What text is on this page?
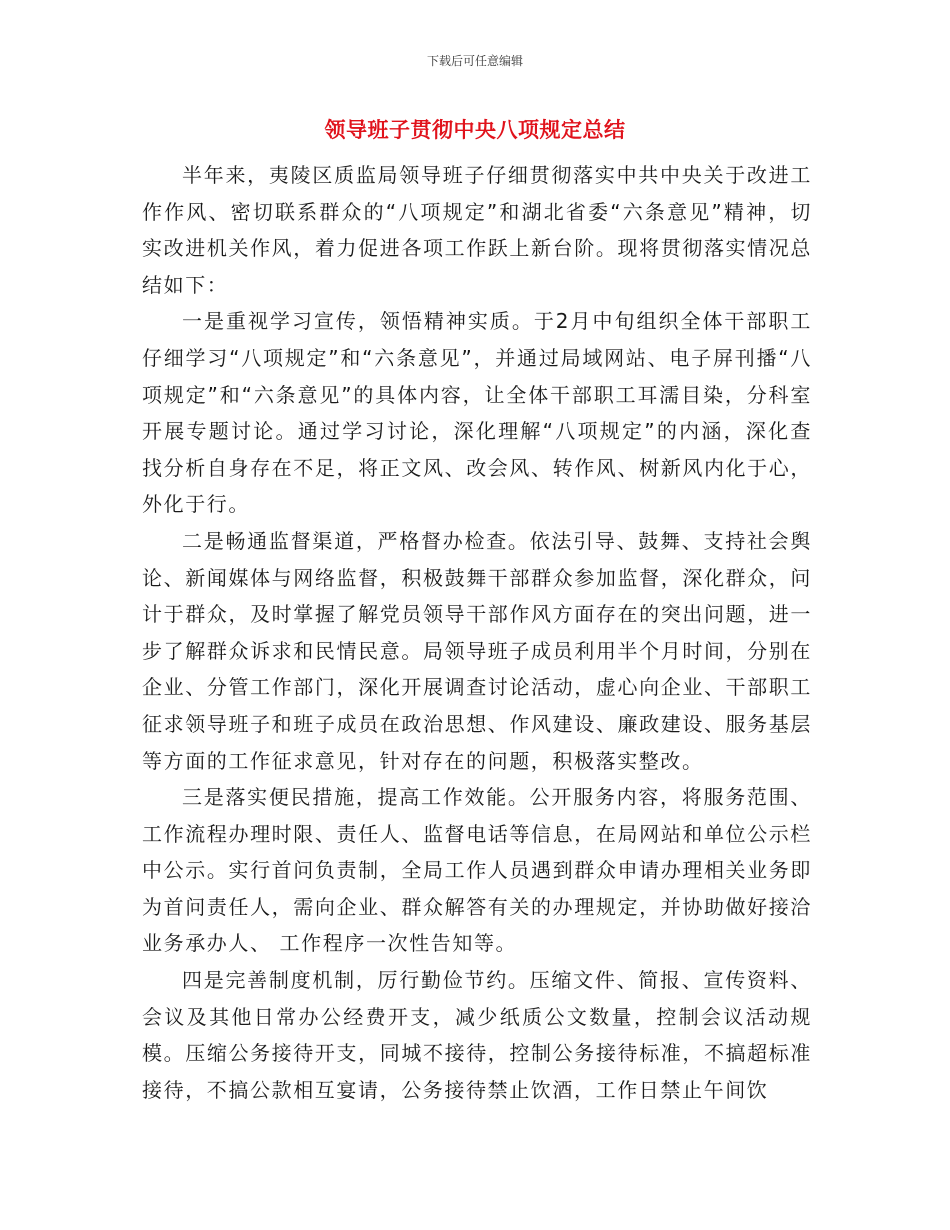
下载后可任意编辑
领导班子贯彻中央八项规定总结

半年来，夷陵区质监局领导班子仔细贯彻落实中共中央关于改进工作作风、密切联系群众的“八项规定”和湖北省委“六条意见”精神，切实改进机关作风，着力促进各项工作跃上新台阶。现将贯彻落实情况总结如下：

一是重视学习宣传，领悟精神实质。于2月中旬组织全体干部职工仔细学习“八项规定”和“六条意见”，并通过局域网站、电子屏刊播“八项规定”和“六条意见”的具体内容，让全体干部职工耳濡目染，分科室开展专题讨论。通过学习讨论，深化理解“八项规定”的内涵，深化查找分析自身存在不足，将正文风、改会风、转作风、树新风内化于心，外化于行。

二是畅通监督渠道，严格督办检查。依法引导、鼓舞、支持社会舆论、新闻媒体与网络监督，积极鼓舞干部群众参加监督，深化群众，问计于群众，及时掌握了解党员领导干部作风方面存在的突出问题，进一步了解群众诉求和民情民意。局领导班子成员利用半个月时间，分别在企业、分管工作部门，深化开展调查讨论活动，虚心向企业、干部职工征求领导班子和班子成员在政治思想、作风建设、廉政建设、服务基层等方面的工作征求意见，针对存在的问题，积极落实整改。

三是落实便民措施，提高工作效能。公开服务内容，将服务范围、工作流程办理时限、责任人、监督电话等信息，在局网站和单位公示栏中公示。实行首问负责制，全局工作人员遇到群众申请办理相关业务即为首问责任人，需向企业、群众解答有关的办理规定，并协助做好接洽业务承办人、 工作程序一次性告知等。

四是完善制度机制，厉行勤俭节约。压缩文件、简报、宣传资料、会议及其他日常办公经费开支，减少纸质公文数量，控制会议活动规模。压缩公务接待开支，同城不接待，控制公务接待标准，不搞超标准接待，不搞公款相互宴请，公务接待禁止饮酒，工作日禁止午间饮
